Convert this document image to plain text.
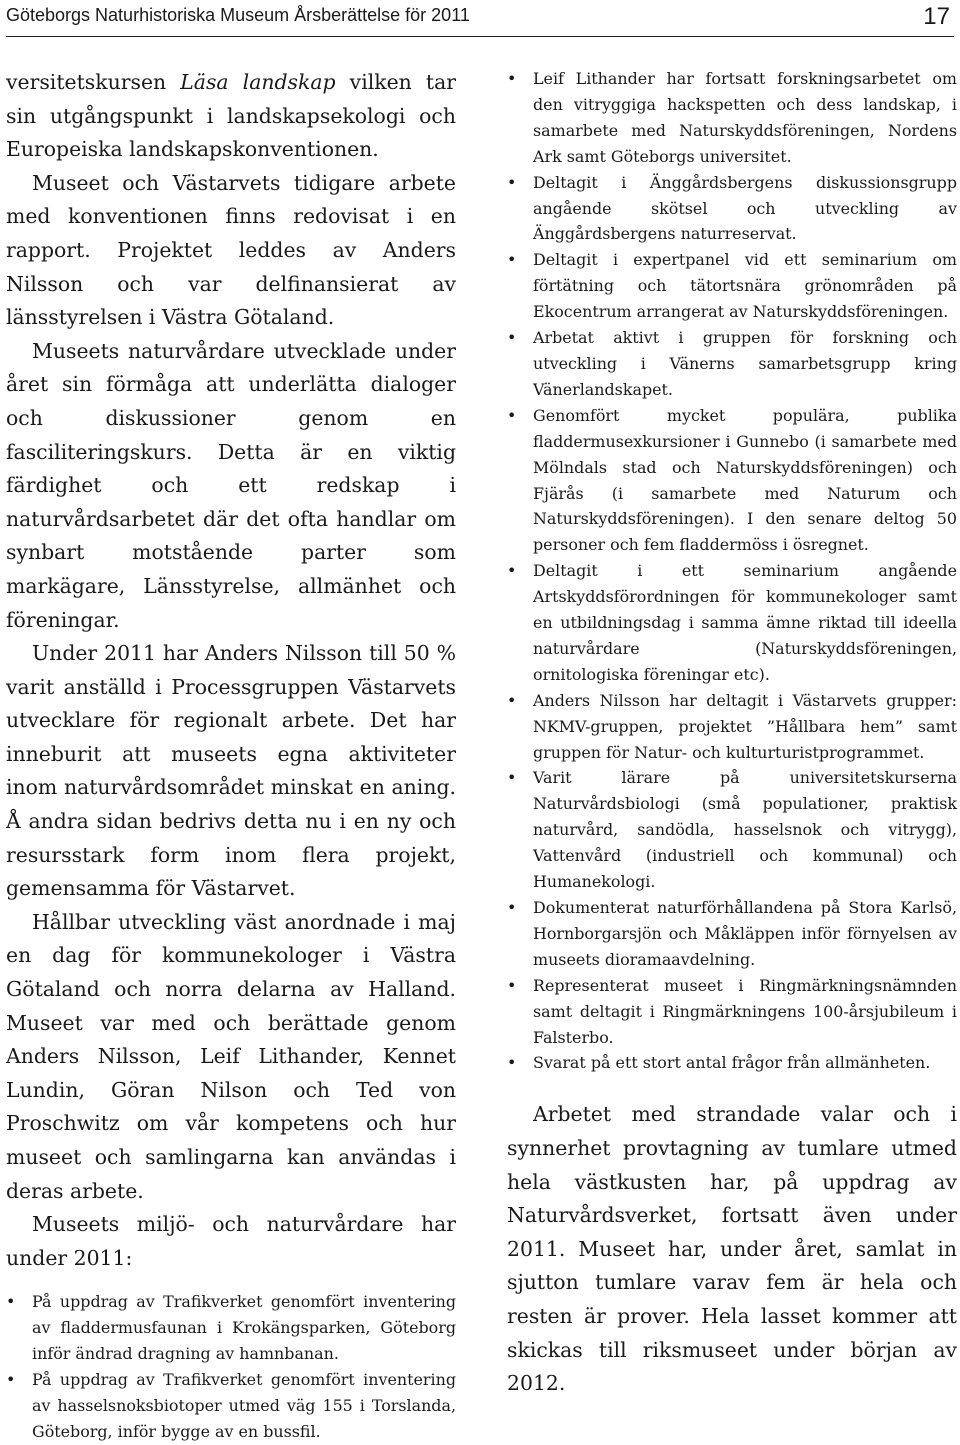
Göteborgs Naturhistoriska Museum Årsberättelse för 2011	17

versitetskursen Läsa landskap vilken tar sin utgångspunkt i landskapsekologi och Europeiska landskapskonventionen.

Museet och Västarvets tidigare arbete med konventionen finns redovisat i en rapport. Projektet leddes av Anders Nilsson och var delfinansierat av länsstyrelsen i Västra Götaland.

Museets naturvårdare utvecklade under året sin förmåga att underlätta dialoger och diskussioner genom en fasciliteringskurs. Detta är en viktig färdighet och ett redskap i naturvårdsarbetet där det ofta handlar om synbart motstående parter som markägare, Länsstyrelse, allmänhet och föreningar.

Under 2011 har Anders Nilsson till 50 % varit anställd i Processgruppen Västarvets utvecklare för regionalt arbete. Det har inneburit att museets egna aktiviteter inom naturvårdsområdet minskat en aning. Å andra sidan bedrivs detta nu i en ny och resursstark form inom flera projekt, gemensamma för Västarvet.

Hållbar utveckling väst anordnade i maj en dag för kommunekologer i Västra Götaland och norra delarna av Halland. Museet var med och berättade genom Anders Nilsson, Leif Lithander, Kennet Lundin, Göran Nilson och Ted von Proschwitz om vår kompetens och hur museet och samlingarna kan användas i deras arbete.

Museets miljö- och naturvårdare har under 2011:

• På uppdrag av Trafikverket genomfört inventering av fladdermusfaunan i Krokängsparken, Göteborg inför ändrad dragning av hamnbanan.
• På uppdrag av Trafikverket genomfört inventering av hasselsnoksbiotoper utmed väg 155 i Torslanda, Göteborg, inför bygge av en bussfil.
• Leif Lithander har fortsatt forskningsarbetet om den vitryggiga hackspetten och dess landskap, i samarbete med Naturskyddsföreningen, Nordens Ark samt Göteborgs universitet.
• Deltagit i Änggårdsbergens diskussionsgrupp angående skötsel och utveckling av Änggårdsbergens naturreservat.
• Deltagit i expertpanel vid ett seminarium om förtätning och tätortsnära grönområden på Ekocentrum arrangerat av Naturskyddsföreningen.
• Arbetat aktivt i gruppen för forskning och utveckling i Vänerns samarbetsgrupp kring Vänerlandskapet.
• Genomfört mycket populära, publika fladdermusexkursioner i Gunnebo (i samarbete med Mölndals stad och Naturskyddsföreningen) och Fjärås (i samarbete med Naturum och Naturskyddsföreningen). I den senare deltog 50 personer och fem fladdermöss i ösregnet.
• Deltagit i ett seminarium angående Artskyddsförordningen för kommunekologer samt en utbildningsdag i samma ämne riktad till ideella naturvårdare (Naturskyddsföreningen, ornitologiska föreningar etc).
• Anders Nilsson har deltagit i Västarvets grupper: NKMV-gruppen, projektet ”Hållbara hem” samt gruppen för Natur- och kulturturistprogrammet.
• Varit lärare på universitetskurserna Naturvårdsbiologi (små populationer, praktisk naturvård, sandödla, hasselsnok och vitrygg), Vattenvård (industriell och kommunal) och Humanekologi.
• Dokumenterat naturförhållandena på Stora Karlsö, Hornborgarsjön och Måkläppen inför förnyelsen av museets dioramaavdelning.
• Representerat museet i Ringmärkningsnämnden samt deltagit i Ringmärkningens 100-årsjubileum i Falsterbo.
• Svarat på ett stort antal frågor från allmänheten.

Arbetet med strandade valar och i synnerhet provtagning av tumlare utmed hela västkusten har, på uppdrag av Naturvårdsverket, fortsatt även under 2011. Museet har, under året, samlat in sjutton tumlare varav fem är hela och resten är prover. Hela lasset kommer att skickas till riksmuseet under början av 2012.
